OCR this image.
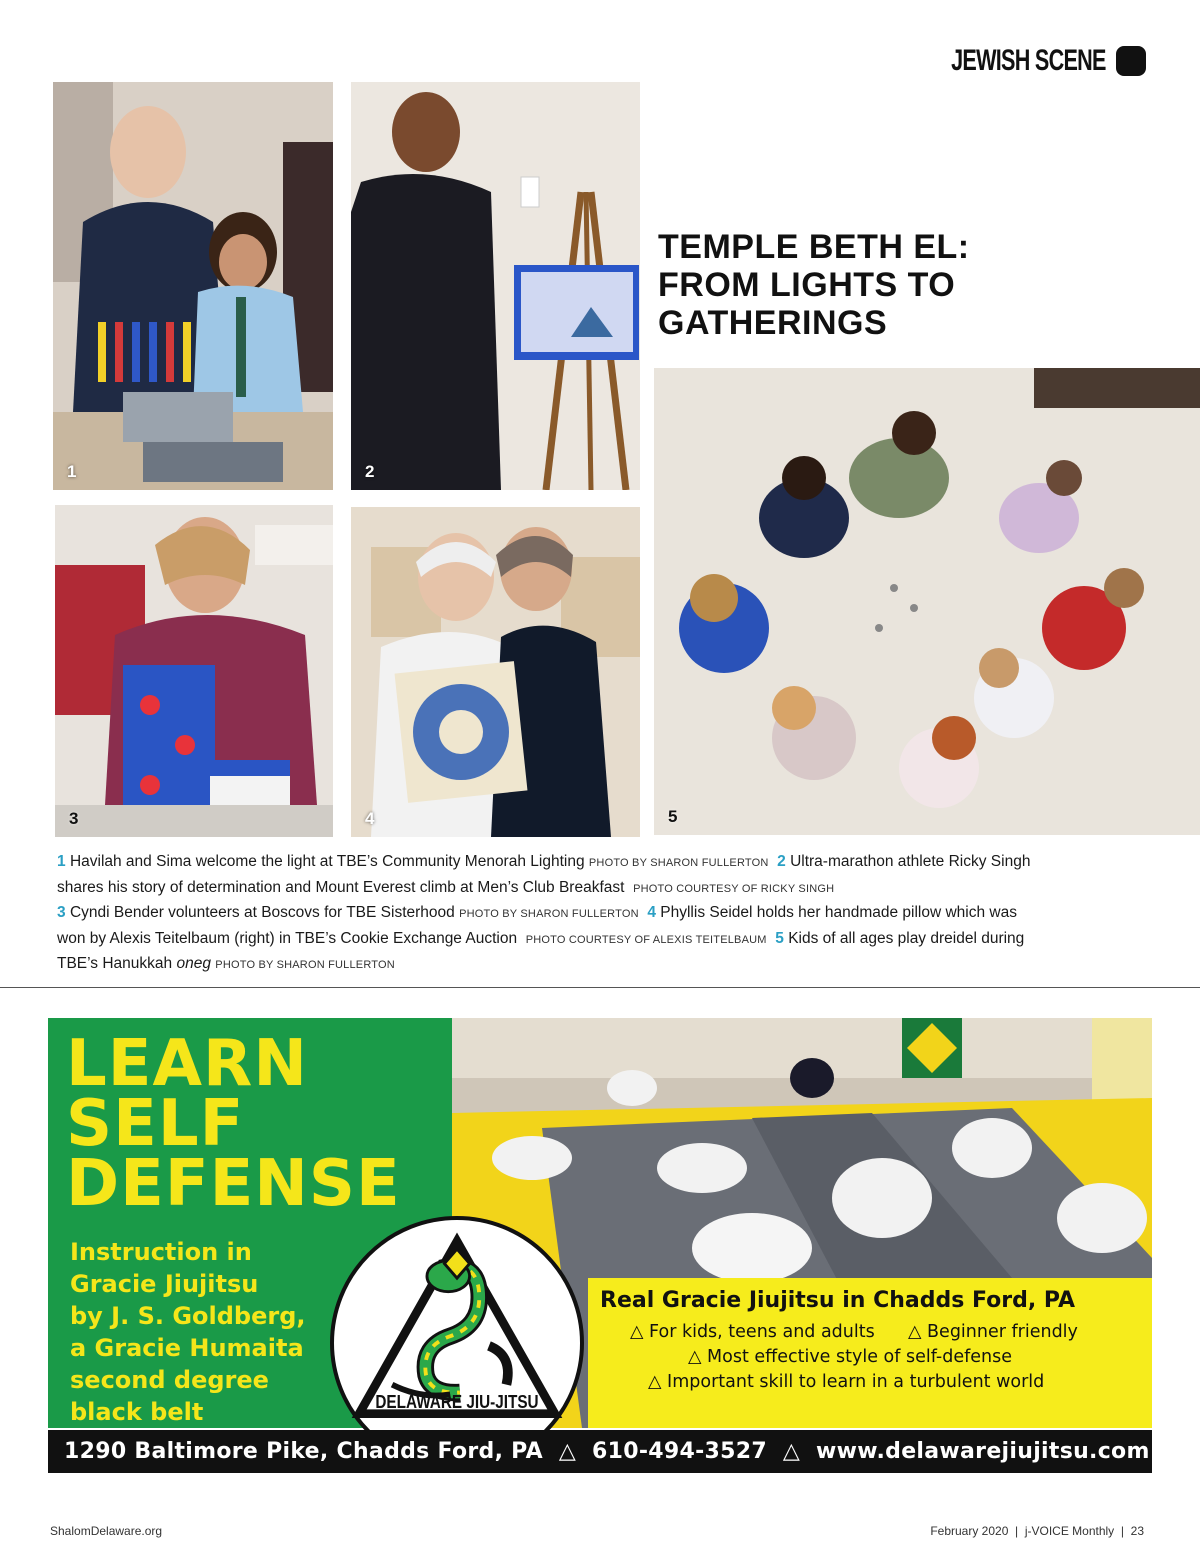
JEWISH SCENE
1	2
3	4
TEMPLE BETH EL:
FROM LIGHTS TO
GATHERINGS
5
1 Havilah and Sima welcome the light at TBE’s Community Menorah Lighting PHOTO BY SHARON FULLERTON 2 Ultra-marathon athlete Ricky Singh shares his story of determination and Mount Everest climb at Men’s Club Breakfast PHOTO COURTESY OF RICKY SINGH
3 Cyndi Bender volunteers at Boscovs for TBE Sisterhood PHOTO BY SHARON FULLERTON 4 Phyllis Seidel holds her handmade pillow which was won by Alexis Teitelbaum (right) in TBE’s Cookie Exchange Auction PHOTO COURTESY OF ALEXIS TEITELBAUM 5 Kids of all ages play dreidel during TBE’s Hanukkah oneg PHOTO BY SHARON FULLERTON
LEARN
SELF
DEFENSE
Instruction in
Gracie Jiujitsu
by J. S. Goldberg,
a Gracie Humaita
second degree
black belt
Real Gracie Jiujitsu in Chadds Ford, PA
△ For kids, teens and adults △ Beginner friendly
△ Most effective style of self-defense
△ Important skill to learn in a turbulent world
DELAWARE JIU-JITSU
1290 Baltimore Pike, Chadds Ford, PA △ 610-494-3527 △ www.delawarejiujitsu.com
ShalomDelaware.org	February 2020  |  j-VOICE Monthly  |  23
